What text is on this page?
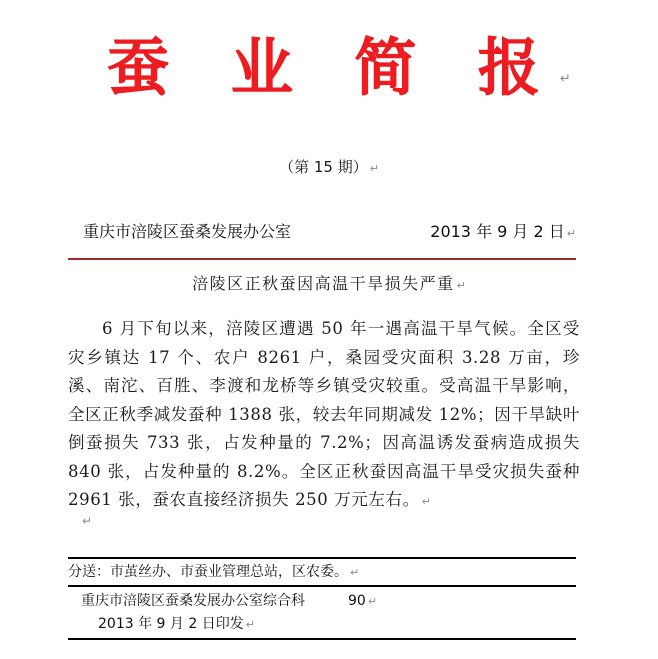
蚕 业 简 报↵
（第 15 期） ↵
重庆市涪陵区蚕桑发展办公室	2013 年 9 月 2 日 ↵
涪陵区正秋蚕因高温干旱损失严重 ↵

6 月下旬以来，涪陵区遭遇 50 年一遇高温干旱气候。全区受灾乡镇达 17 个、农户 8261 户，桑园受灾面积 3.28 万亩，珍溪、南沱、百胜、李渡和龙桥等乡镇受灾较重。受高温干旱影响，全区正秋季减发蚕种 1388 张，较去年同期减发 12%；因干旱缺叶倒蚕损失 733 张，占发种量的 7.2%；因高温诱发蚕病造成损失 840 张，占发种量的 8.2%。全区正秋蚕因高温干旱受灾损失蚕种 2961 张，蚕农直接经济损失 250 万元左右。 ↵

↵
分送：市茧丝办、市蚕业管理总站，区农委。 ↵
重庆市涪陵区蚕桑发展办公室综合科	90 ↵
2013 年 9 月 2 日印发 ↵
